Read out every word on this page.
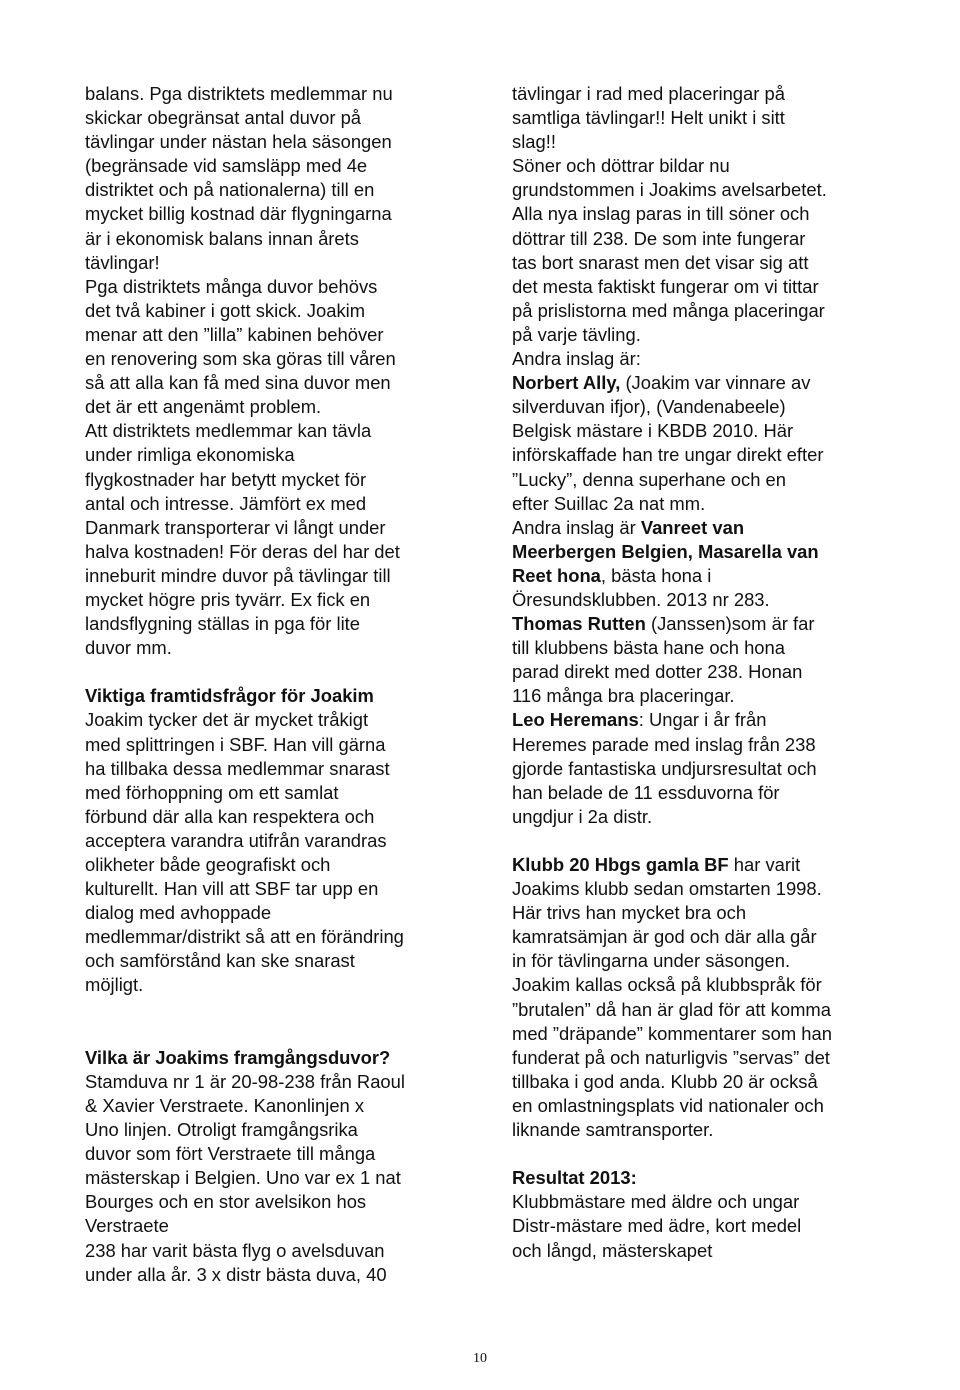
balans. Pga distriktets medlemmar nu
skickar obegränsat antal duvor på
tävlingar under nästan hela säsongen
(begränsade vid samsläpp med 4e
distriktet och på nationalerna) till en
mycket billig kostnad där flygningarna
är i ekonomisk balans innan årets
tävlingar!
Pga distriktets många duvor behövs
det två kabiner i gott skick. Joakim
menar att den ”lilla” kabinen behöver
en renovering som ska göras till våren
så att alla kan få med sina duvor men
det är ett angenämt problem.
Att distriktets medlemmar kan tävla
under rimliga ekonomiska
flygkostnader har betytt mycket för
antal och intresse. Jämfört ex med
Danmark transporterar vi långt under
halva kostnaden! För deras del har det
inneburit mindre duvor på tävlingar till
mycket högre pris tyvärr. Ex fick en
landsflygning ställas in pga för lite
duvor mm.
Viktiga framtidsfrågor för Joakim
Joakim tycker det är mycket tråkigt
med splittringen i SBF. Han vill gärna
ha tillbaka dessa medlemmar snarast
med förhoppning om ett samlat
förbund där alla kan respektera och
acceptera varandra utifrån varandras
olikheter både geografiskt och
kulturellt. Han vill att SBF tar upp en
dialog med avhoppade
medlemmar/distrikt så att en förändring
och samförstånd kan ske snarast
möjligt.
Vilka är Joakims framgångsduvor?
Stamduva nr 1 är 20-98-238 från Raoul
& Xavier Verstraete. Kanonlinjen x
Uno linjen. Otroligt framgångsrika
duvor som fört Verstraete till många
mästerskap i Belgien. Uno var ex 1 nat
Bourges och en stor avelsikon hos
Verstraete
238 har varit bästa flyg o avelsduvan
under alla år. 3 x distr bästa duva, 40
tävlingar i rad med placeringar på
samtliga tävlingar!! Helt unikt i sitt
slag!!
Söner och döttrar bildar nu
grundstommen i Joakims avelsarbetet.
Alla nya inslag paras in till söner och
döttrar till 238. De som inte fungerar
tas bort snarast men det visar sig att
det mesta faktiskt fungerar om vi tittar
på prislistorna med många placeringar
på varje tävling.
Andra inslag är:
Norbert Ally, (Joakim var vinnare av
silverduvan ifjor), (Vandenabeele)
Belgisk mästare i KBDB 2010. Här
införskaffade han tre ungar direkt efter
”Lucky”, denna superhane och en
efter Suillac 2a nat mm.
Andra inslag är Vanreet van
Meerbergen Belgien, Masarella van
Reet hona, bästa hona i
Öresundsklubben. 2013 nr 283.
Thomas Rutten (Janssen)som är far
till klubbens bästa hane och hona
parad direkt med dotter 238. Honan
116 många bra placeringar.
Leo Heremans: Ungar i år från
Heremes parade med inslag från 238
gjorde fantastiska undjursresultat och
han belade de 11 essduvorna för
ungdjur i 2a distr.
Klubb 20 Hbgs gamla BF har varit
Joakims klubb sedan omstarten 1998.
Här trivs han mycket bra och
kamratsämjan är god och där alla går
in för tävlingarna under säsongen.
Joakim kallas också på klubbspråk för
”brutalen” då han är glad för att komma
med ”dräpande” kommentarer som han
funderat på och naturligvis ”servas” det
tillbaka i god anda. Klubb 20 är också
en omlastningsplats vid nationaler och
liknande samtransporter.
Resultat 2013:
Klubbmästare med äldre och ungar
Distr-mästare med ädre, kort medel
och långd, mästerskapet
10
